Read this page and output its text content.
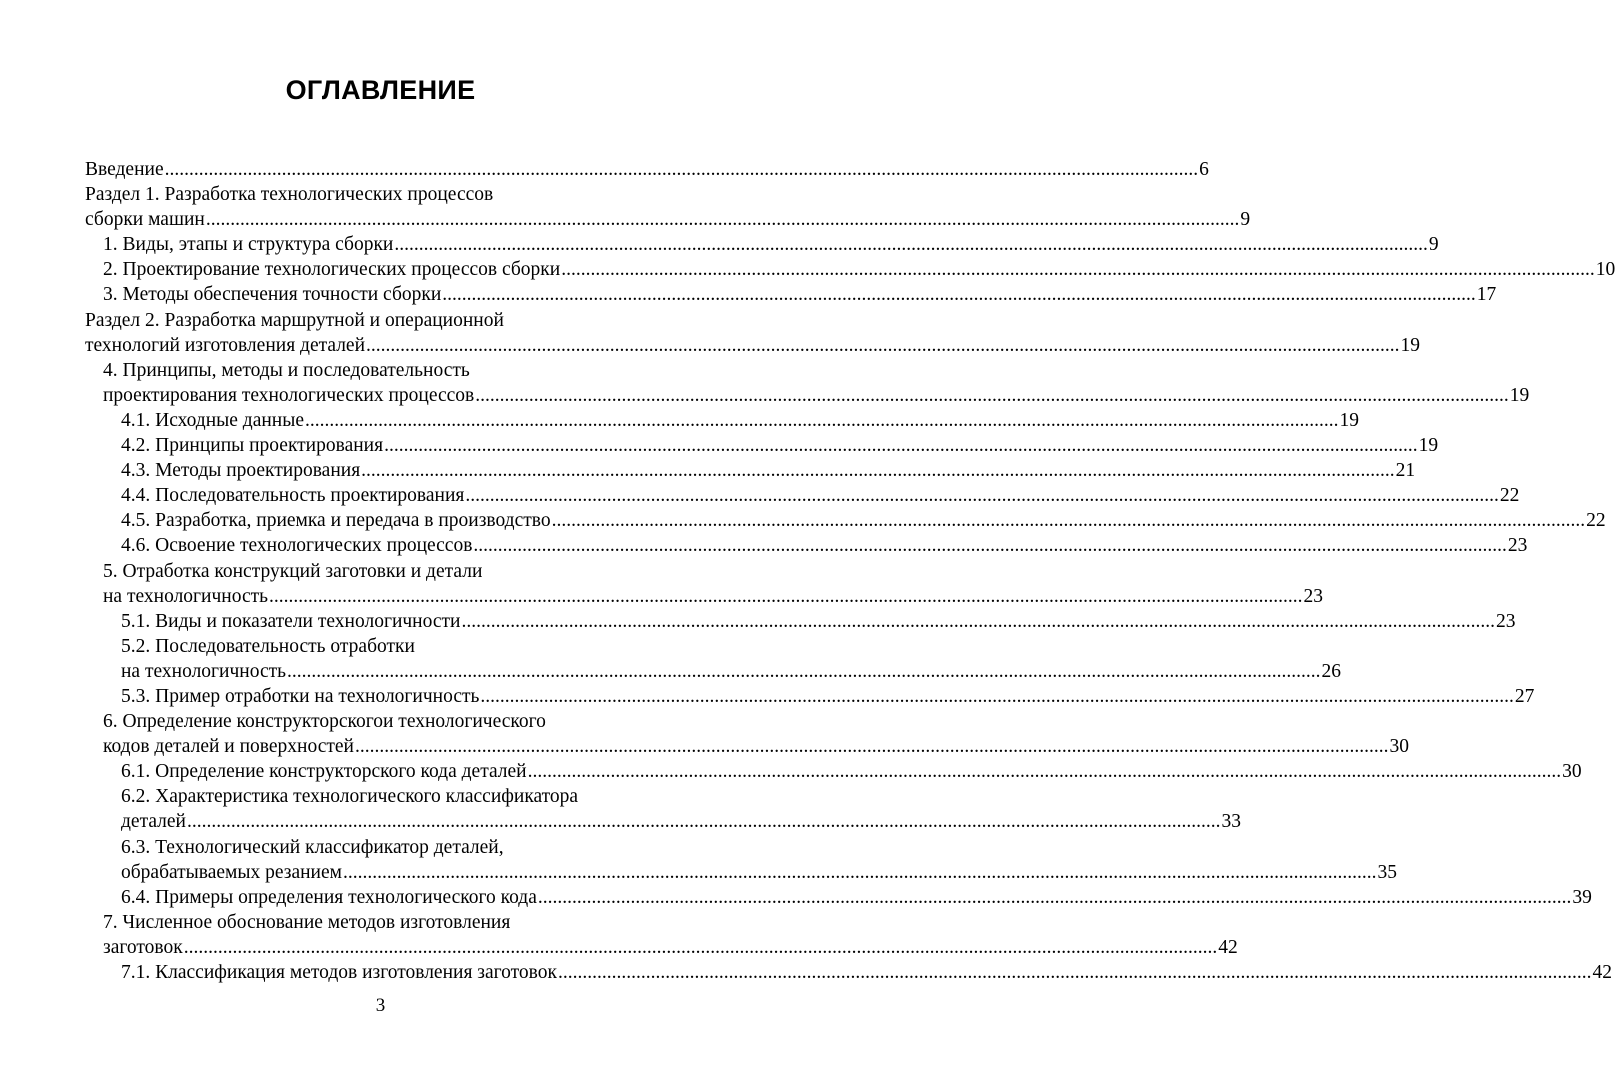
ОГЛАВЛЕНИЕ
Введение .....	6
Раздел 1. Разработка технологических процессов
сборки машин .....	9
1. Виды, этапы и структура сборки .....	9
2. Проектирование технологических процессов сборки .....	10
3. Методы обеспечения точности сборки .....	17
Раздел 2. Разработка маршрутной и операционной
технологий изготовления деталей .....	19
4. Принципы, методы и последовательность
проектирования технологических процессов .....	19
4.1. Исходные данные .....	19
4.2. Принципы проектирования .....	19
4.3. Методы проектирования .....	21
4.4. Последовательность проектирования .....	22
4.5. Разработка, приемка и передача в производство .....	22
4.6. Освоение технологических процессов .....	23
5. Отработка конструкций заготовки и детали
на технологичность .....	23
5.1. Виды и показатели технологичности .....	23
5.2. Последовательность отработки
на технологичность .....	26
5.3. Пример отработки на технологичность .....	27
6. Определение конструкторскогои технологического
кодов деталей и поверхностей .....	30
6.1. Определение конструкторского кода деталей .....	30
6.2. Характеристика технологического классификатора
деталей .....	33
6.3. Технологический классификатор деталей,
обрабатываемых резанием .....	35
6.4. Примеры определения технологического кода .....	39
7. Численное обоснование методов изготовления
заготовок .....	42
7.1. Классификация методов изготовления заготовок .....	42
3
